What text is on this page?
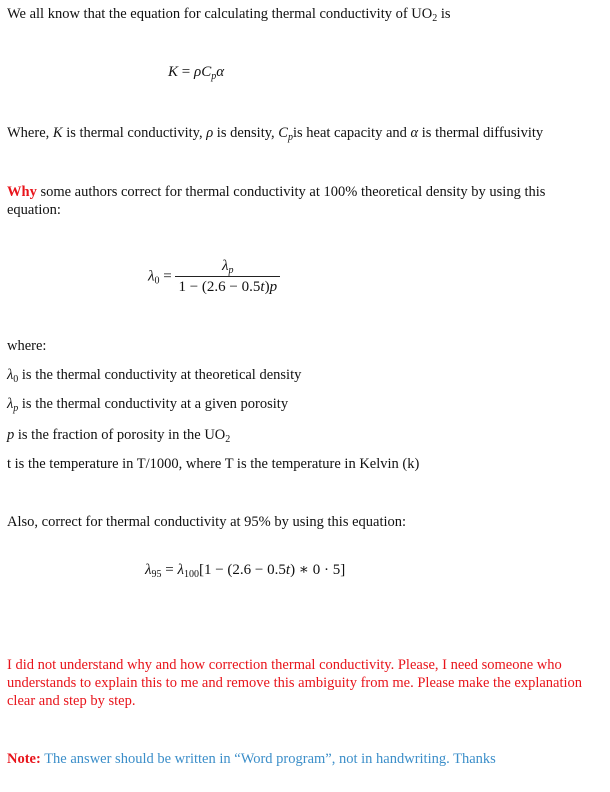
We all know that the equation for calculating thermal conductivity of $UO_2$ is
$K = \rho C_p\alpha$
Where, K is thermal conductivity, ρ is density, $C_pis$ heat capacity and α is thermal diffusivity
Why some authors correct for thermal conductivity at 100% theoretical density by using this equation:
$\lambda_0 = \frac{\lambda_p}{1 - (2.6 - 0.5t)p}$
where:
$\lambda_0$ is the thermal conductivity at theoretical density
$\lambda_p$ is the thermal conductivity at a given porosity
p is the fraction of porosity in the $UO_2$
t is the temperature in T/1000, where T is the temperature in Kelvin (k)
Also, correct for thermal conductivity at 95% by using this equation:
$\lambda_{95} = \lambda_{100}[1 - (2.6 - 0.5t)$ ∗ 0 · 5]
I did not understand why and how correction thermal conductivity. Please, I need someone who understands to explain this to me and remove this ambiguity from me. Please make the explanation clear and step by step.
Note: The answer should be written in “Word program”, not in handwriting. Thanks
